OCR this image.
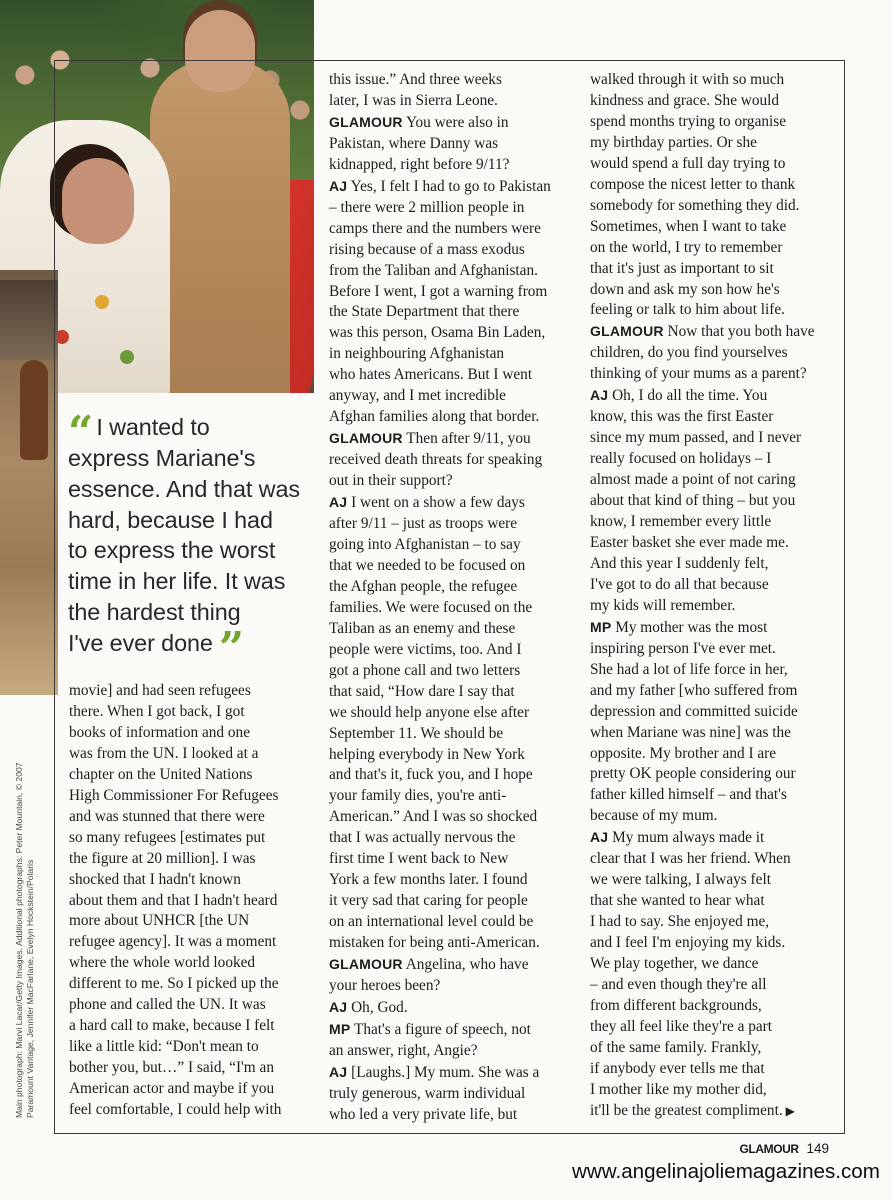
“ I wanted to
express Mariane's
essence. And that was
hard, because I had
to express the worst
time in her life. It was
the hardest thing
I've ever done ”
movie] and had seen refugees
there. When I got back, I got
books of information and one
was from the UN. I looked at a
chapter on the United Nations
High Commissioner For Refugees
and was stunned that there were
so many refugees [estimates put
the figure at 20 million]. I was
shocked that I hadn't known
about them and that I hadn't heard
more about UNHCR [the UN
refugee agency]. It was a moment
where the whole world looked
different to me. So I picked up the
phone and called the UN. It was
a hard call to make, because I felt
like a little kid: “Don't mean to
bother you, but…” I said, “I'm an
American actor and maybe if you
feel comfortable, I could help with
this issue.” And three weeks
later, I was in Sierra Leone.
GLAMOUR You were also in
Pakistan, where Danny was
kidnapped, right before 9/11?
AJ Yes, I felt I had to go to Pakistan
– there were 2 million people in
camps there and the numbers were
rising because of a mass exodus
from the Taliban and Afghanistan.
Before I went, I got a warning from
the State Department that there
was this person, Osama Bin Laden,
in neighbouring Afghanistan
who hates Americans. But I went
anyway, and I met incredible
Afghan families along that border.
GLAMOUR Then after 9/11, you
received death threats for speaking
out in their support?
AJ I went on a show a few days
after 9/11 – just as troops were
going into Afghanistan – to say
that we needed to be focused on
the Afghan people, the refugee
families. We were focused on the
Taliban as an enemy and these
people were victims, too. And I
got a phone call and two letters
that said, “How dare I say that
we should help anyone else after
September 11. We should be
helping everybody in New York
and that's it, fuck you, and I hope
your family dies, you're anti-
American.” And I was so shocked
that I was actually nervous the
first time I went back to New
York a few months later. I found
it very sad that caring for people
on an international level could be
mistaken for being anti-American.
GLAMOUR Angelina, who have
your heroes been?
AJ Oh, God.
MP That's a figure of speech, not
an answer, right, Angie?
AJ [Laughs.] My mum. She was a
truly generous, warm individual
who led a very private life, but
walked through it with so much
kindness and grace. She would
spend months trying to organise
my birthday parties. Or she
would spend a full day trying to
compose the nicest letter to thank
somebody for something they did.
Sometimes, when I want to take
on the world, I try to remember
that it's just as important to sit
down and ask my son how he's
feeling or talk to him about life.
GLAMOUR Now that you both have
children, do you find yourselves
thinking of your mums as a parent?
AJ Oh, I do all the time. You
know, this was the first Easter
since my mum passed, and I never
really focused on holidays – I
almost made a point of not caring
about that kind of thing – but you
know, I remember every little
Easter basket she ever made me.
And this year I suddenly felt,
I've got to do all that because
my kids will remember.
MP My mother was the most
inspiring person I've ever met.
She had a lot of life force in her,
and my father [who suffered from
depression and committed suicide
when Mariane was nine] was the
opposite. My brother and I are
pretty OK people considering our
father killed himself – and that's
because of my mum.
AJ My mum always made it
clear that I was her friend. When
we were talking, I always felt
that she wanted to hear what
I had to say. She enjoyed me,
and I feel I'm enjoying my kids.
We play together, we dance
– and even though they're all
from different backgrounds,
they all feel like they're a part
of the same family. Frankly,
if anybody ever tells me that
I mother like my mother did,
it'll be the greatest compliment. ▶
Main photograph: Marvi Lacar/Getty Images. Additional photographs: Peter Mountain, © 2007 Paramount Vantage, Jennifer MacFarlane, Evelyn Hockstein/Polaris
GLAMOUR 149
www.angelinajoliemagazines.com
